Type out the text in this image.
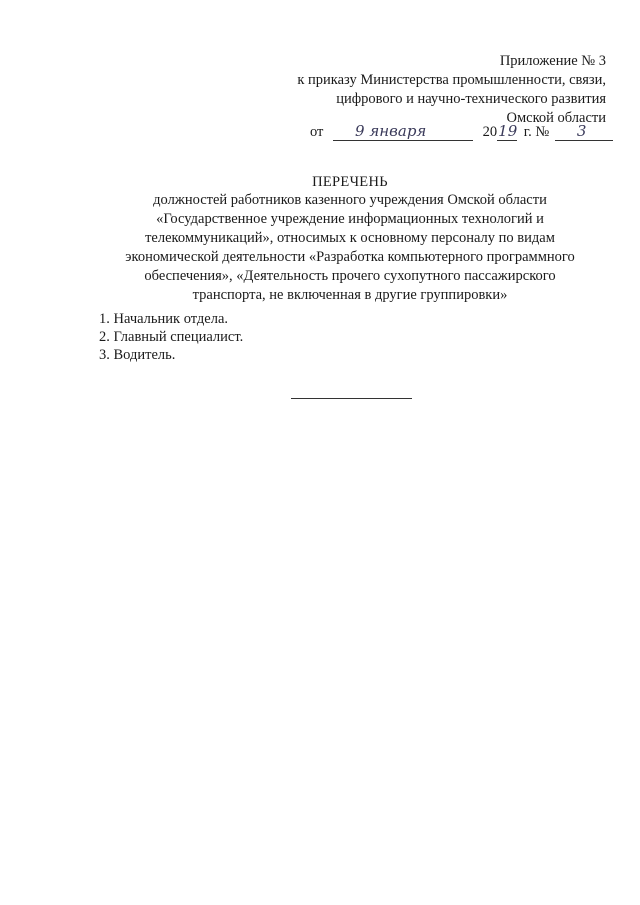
Приложение № 3
к приказу Министерства промышленности, связи,
цифрового и научно-технического развития
Омской области
от 9 января	20 19 г. № 3
ПЕРЕЧЕНЬ
должностей работников казенного учреждения Омской области
«Государственное учреждение информационных технологий и
телекоммуникаций», относимых к основному персоналу по видам
экономической деятельности «Разработка компьютерного программного
обеспечения», «Деятельность прочего сухопутного пассажирского
транспорта, не включенная в другие группировки»
1. Начальник отдела.
2. Главный специалист.
3. Водитель.
